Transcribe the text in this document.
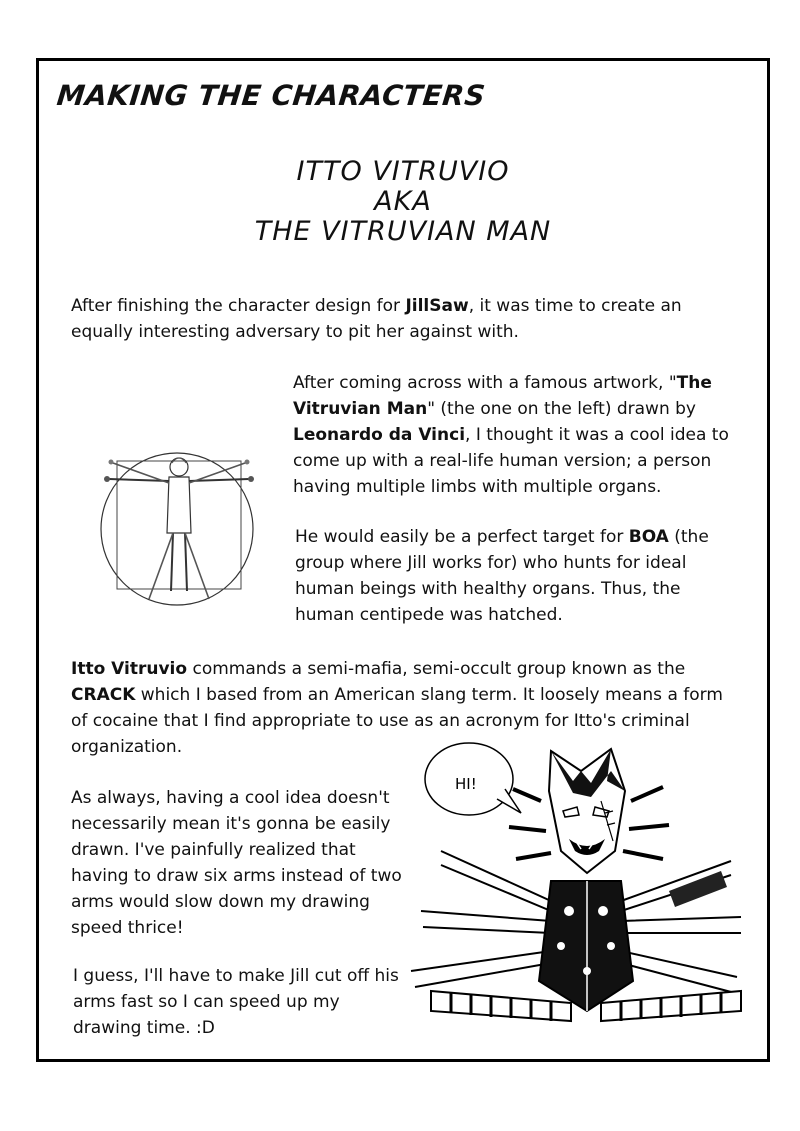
MAKING THE CHARACTERS
ITTO VITRUVIO
AKA
THE VITRUVIAN MAN

After finishing the character design for JillSaw, it was time to create an equally interesting adversary to pit her against with.

After coming across with a famous artwork, "The Vitruvian Man" (the one on the left) drawn by Leonardo da Vinci, I thought it was a cool idea to come up with a real-life human version; a person having multiple limbs with multiple organs.

He would easily be a perfect target for BOA (the group where Jill works for) who hunts for ideal human beings with healthy organs. Thus, the human centipede was hatched.

Itto Vitruvio commands a semi-mafia, semi-occult group known as the CRACK which I based from an American slang term. It loosely means a form of cocaine that I find appropriate to use as an acronym for Itto's criminal organization.

As always, having a cool idea doesn't necessarily mean it's gonna be easily drawn. I've painfully realized that having to draw six arms instead of two arms would slow down my drawing speed thrice!

I guess, I'll have to make Jill cut off his arms fast so I can speed up my drawing time. :D

HI!
